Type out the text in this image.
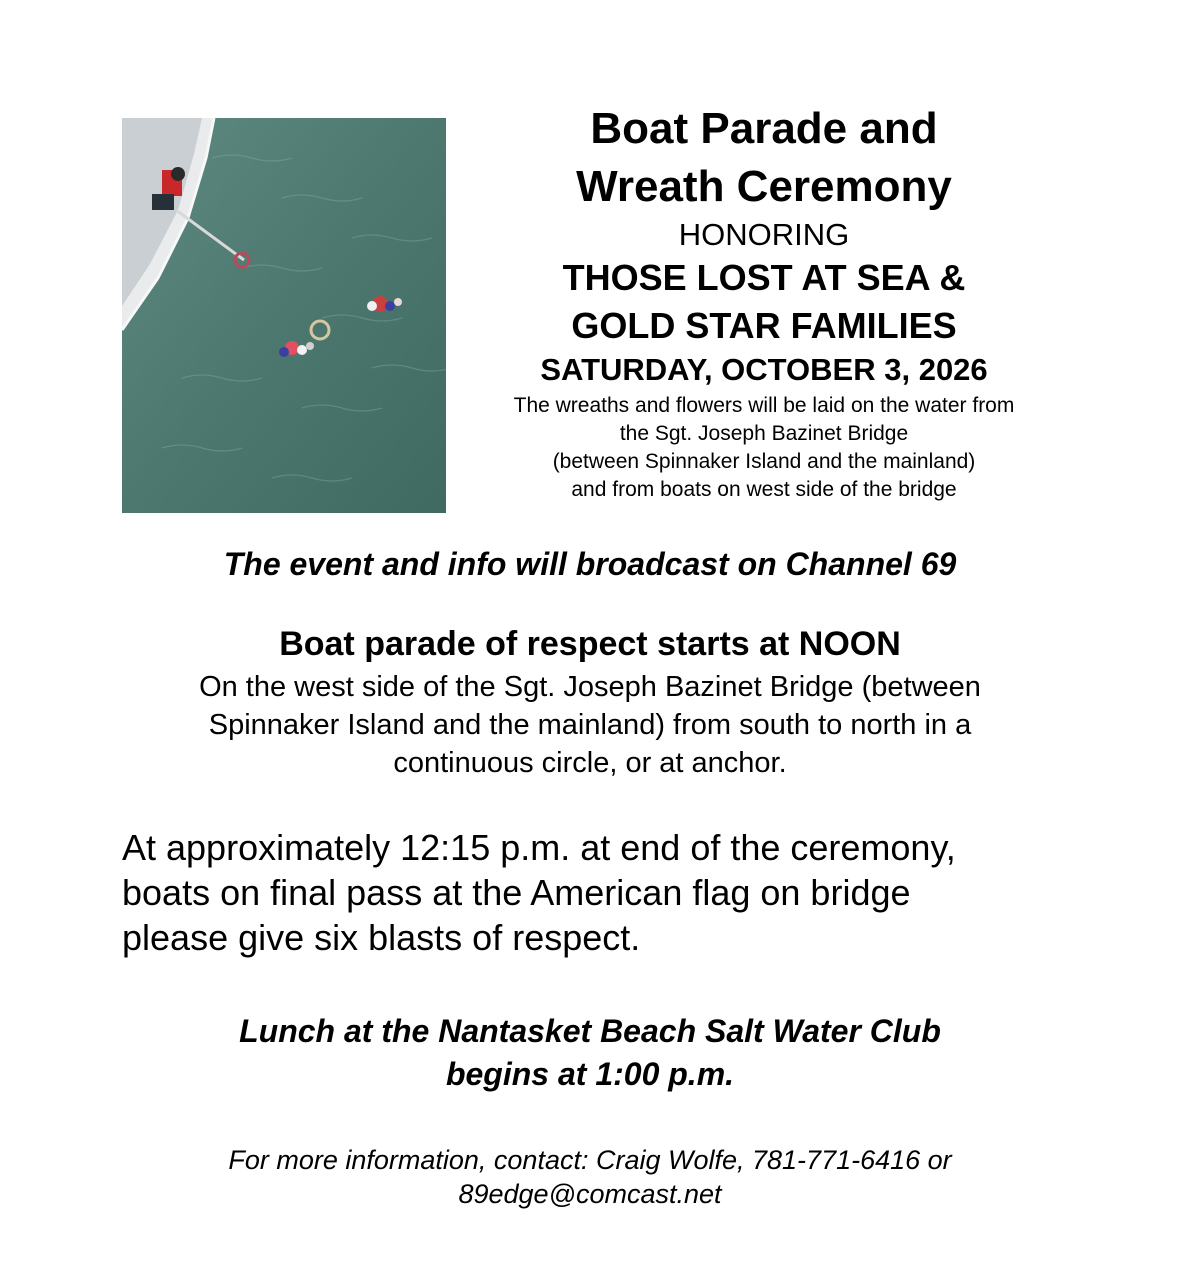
Boat Parade and
Wreath Ceremony
HONORING
THOSE LOST AT SEA &
GOLD STAR FAMILIES
SATURDAY, OCTOBER 3, 2026
The wreaths and flowers will be laid on the water from
the Sgt. Joseph Bazinet Bridge
(between Spinnaker Island and the mainland)
and from boats on west side of the bridge
The event and info will broadcast on Channel 69
Boat parade of respect starts at NOON
On the west side of the Sgt. Joseph Bazinet Bridge (between
Spinnaker Island and the mainland) from south to north in a
continuous circle, or at anchor.
At approximately 12:15 p.m. at end of the ceremony,
boats on final pass at the American flag on bridge
please give six blasts of respect.
Lunch at the Nantasket Beach Salt Water Club
begins at 1:00 p.m.
For more information, contact: Craig Wolfe, 781-771-6416 or
89edge@comcast.net
